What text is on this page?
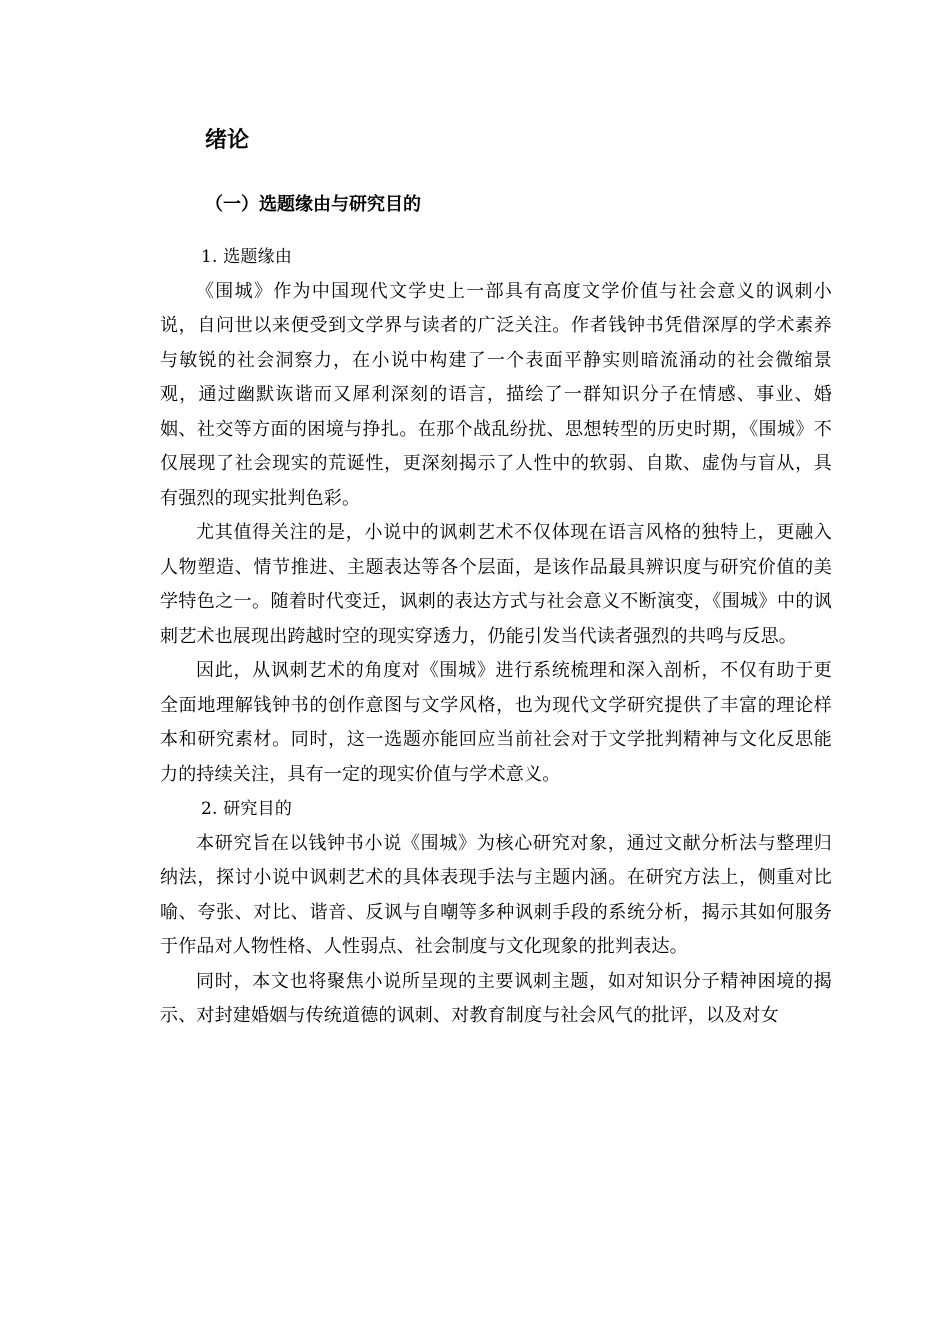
绪论
（一）选题缘由与研究目的

1. 选题缘由

《围城》作为中国现代文学史上一部具有高度文学价值与社会意义的讽刺小说，自问世以来便受到文学界与读者的广泛关注。作者钱钟书凭借深厚的学术素养与敏锐的社会洞察力，在小说中构建了一个表面平静实则暗流涌动的社会微缩景观，通过幽默诙谐而又犀利深刻的语言，描绘了一群知识分子在情感、事业、婚姻、社交等方面的困境与挣扎。在那个战乱纷扰、思想转型的历史时期，《围城》不仅展现了社会现实的荒诞性，更深刻揭示了人性中的软弱、自欺、虚伪与盲从，具有强烈的现实批判色彩。

尤其值得关注的是，小说中的讽刺艺术不仅体现在语言风格的独特上，更融入人物塑造、情节推进、主题表达等各个层面，是该作品最具辨识度与研究价值的美学特色之一。随着时代变迁，讽刺的表达方式与社会意义不断演变，《围城》中的讽刺艺术也展现出跨越时空的现实穿透力，仍能引发当代读者强烈的共鸣与反思。

因此，从讽刺艺术的角度对《围城》进行系统梳理和深入剖析，不仅有助于更全面地理解钱钟书的创作意图与文学风格，也为现代文学研究提供了丰富的理论样本和研究素材。同时，这一选题亦能回应当前社会对于文学批判精神与文化反思能力的持续关注，具有一定的现实价值与学术意义。

2. 研究目的

本研究旨在以钱钟书小说《围城》为核心研究对象，通过文献分析法与整理归纳法，探讨小说中讽刺艺术的具体表现手法与主题内涵。在研究方法上，侧重对比喻、夸张、对比、谐音、反讽与自嘲等多种讽刺手段的系统分析，揭示其如何服务于作品对人物性格、人性弱点、社会制度与文化现象的批判表达。

同时，本文也将聚焦小说所呈现的主要讽刺主题，如对知识分子精神困境的揭示、对封建婚姻与传统道德的讽刺、对教育制度与社会风气的批评，以及对女
